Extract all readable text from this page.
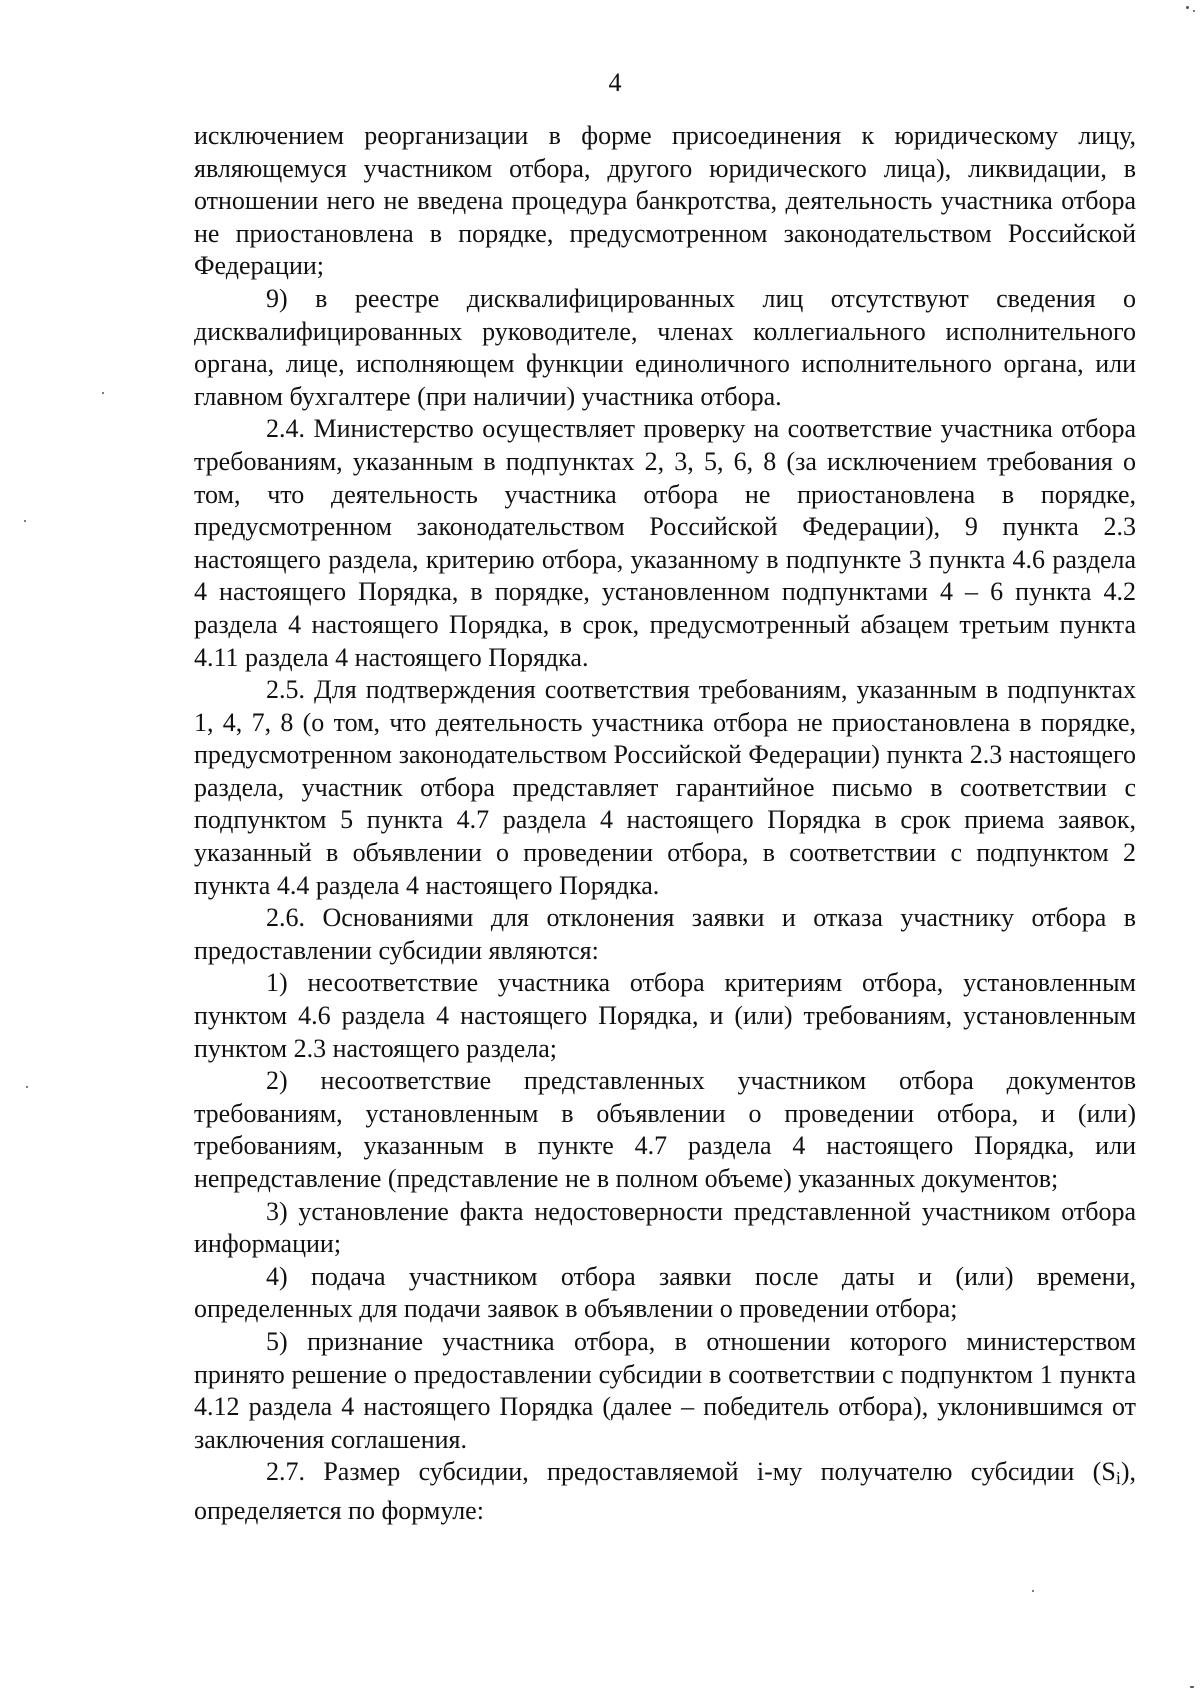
4

исключением реорганизации в форме присоединения к юридическому лицу, являющемуся участником отбора, другого юридического лица), ликвидации, в отношении него не введена процедура банкротства, деятельность участника отбора не приостановлена в порядке, предусмотренном законодательством Российской Федерации;

9) в реестре дисквалифицированных лиц отсутствуют сведения о дисквалифицированных руководителе, членах коллегиального исполнительного органа, лице, исполняющем функции единоличного исполнительного органа, или главном бухгалтере (при наличии) участника отбора.

2.4. Министерство осуществляет проверку на соответствие участника отбора требованиям, указанным в подпунктах 2, 3, 5, 6, 8 (за исключением требования о том, что деятельность участника отбора не приостановлена в порядке, предусмотренном законодательством Российской Федерации), 9 пункта 2.3 настоящего раздела, критерию отбора, указанному в подпункте 3 пункта 4.6 раздела 4 настоящего Порядка, в порядке, установленном подпунктами 4 – 6 пункта 4.2 раздела 4 настоящего Порядка, в срок, предусмотренный абзацем третьим пункта 4.11 раздела 4 настоящего Порядка.

2.5. Для подтверждения соответствия требованиям, указанным в подпунктах 1, 4, 7, 8 (о том, что деятельность участника отбора не приостановлена в порядке, предусмотренном законодательством Российской Федерации) пункта 2.3 настоящего раздела, участник отбора представляет гарантийное письмо в соответствии с подпунктом 5 пункта 4.7 раздела 4 настоящего Порядка в срок приема заявок, указанный в объявлении о проведении отбора, в соответствии с подпунктом 2 пункта 4.4 раздела 4 настоящего Порядка.

2.6. Основаниями для отклонения заявки и отказа участнику отбора в предоставлении субсидии являются:

1) несоответствие участника отбора критериям отбора, установленным пунктом 4.6 раздела 4 настоящего Порядка, и (или) требованиям, установленным пунктом 2.3 настоящего раздела;

2) несоответствие представленных участником отбора документов требованиям, установленным в объявлении о проведении отбора, и (или) требованиям, указанным в пункте 4.7 раздела 4 настоящего Порядка, или непредставление (представление не в полном объеме) указанных документов;

3) установление факта недостоверности представленной участником отбора информации;

4) подача участником отбора заявки после даты и (или) времени, определенных для подачи заявок в объявлении о проведении отбора;

5) признание участника отбора, в отношении которого министерством принято решение о предоставлении субсидии в соответствии с подпунктом 1 пункта 4.12 раздела 4 настоящего Порядка (далее – победитель отбора), уклонившимся от заключения соглашения.

2.7. Размер субсидии, предоставляемой i-му получателю субсидии $(S_i)$, определяется по формуле:
